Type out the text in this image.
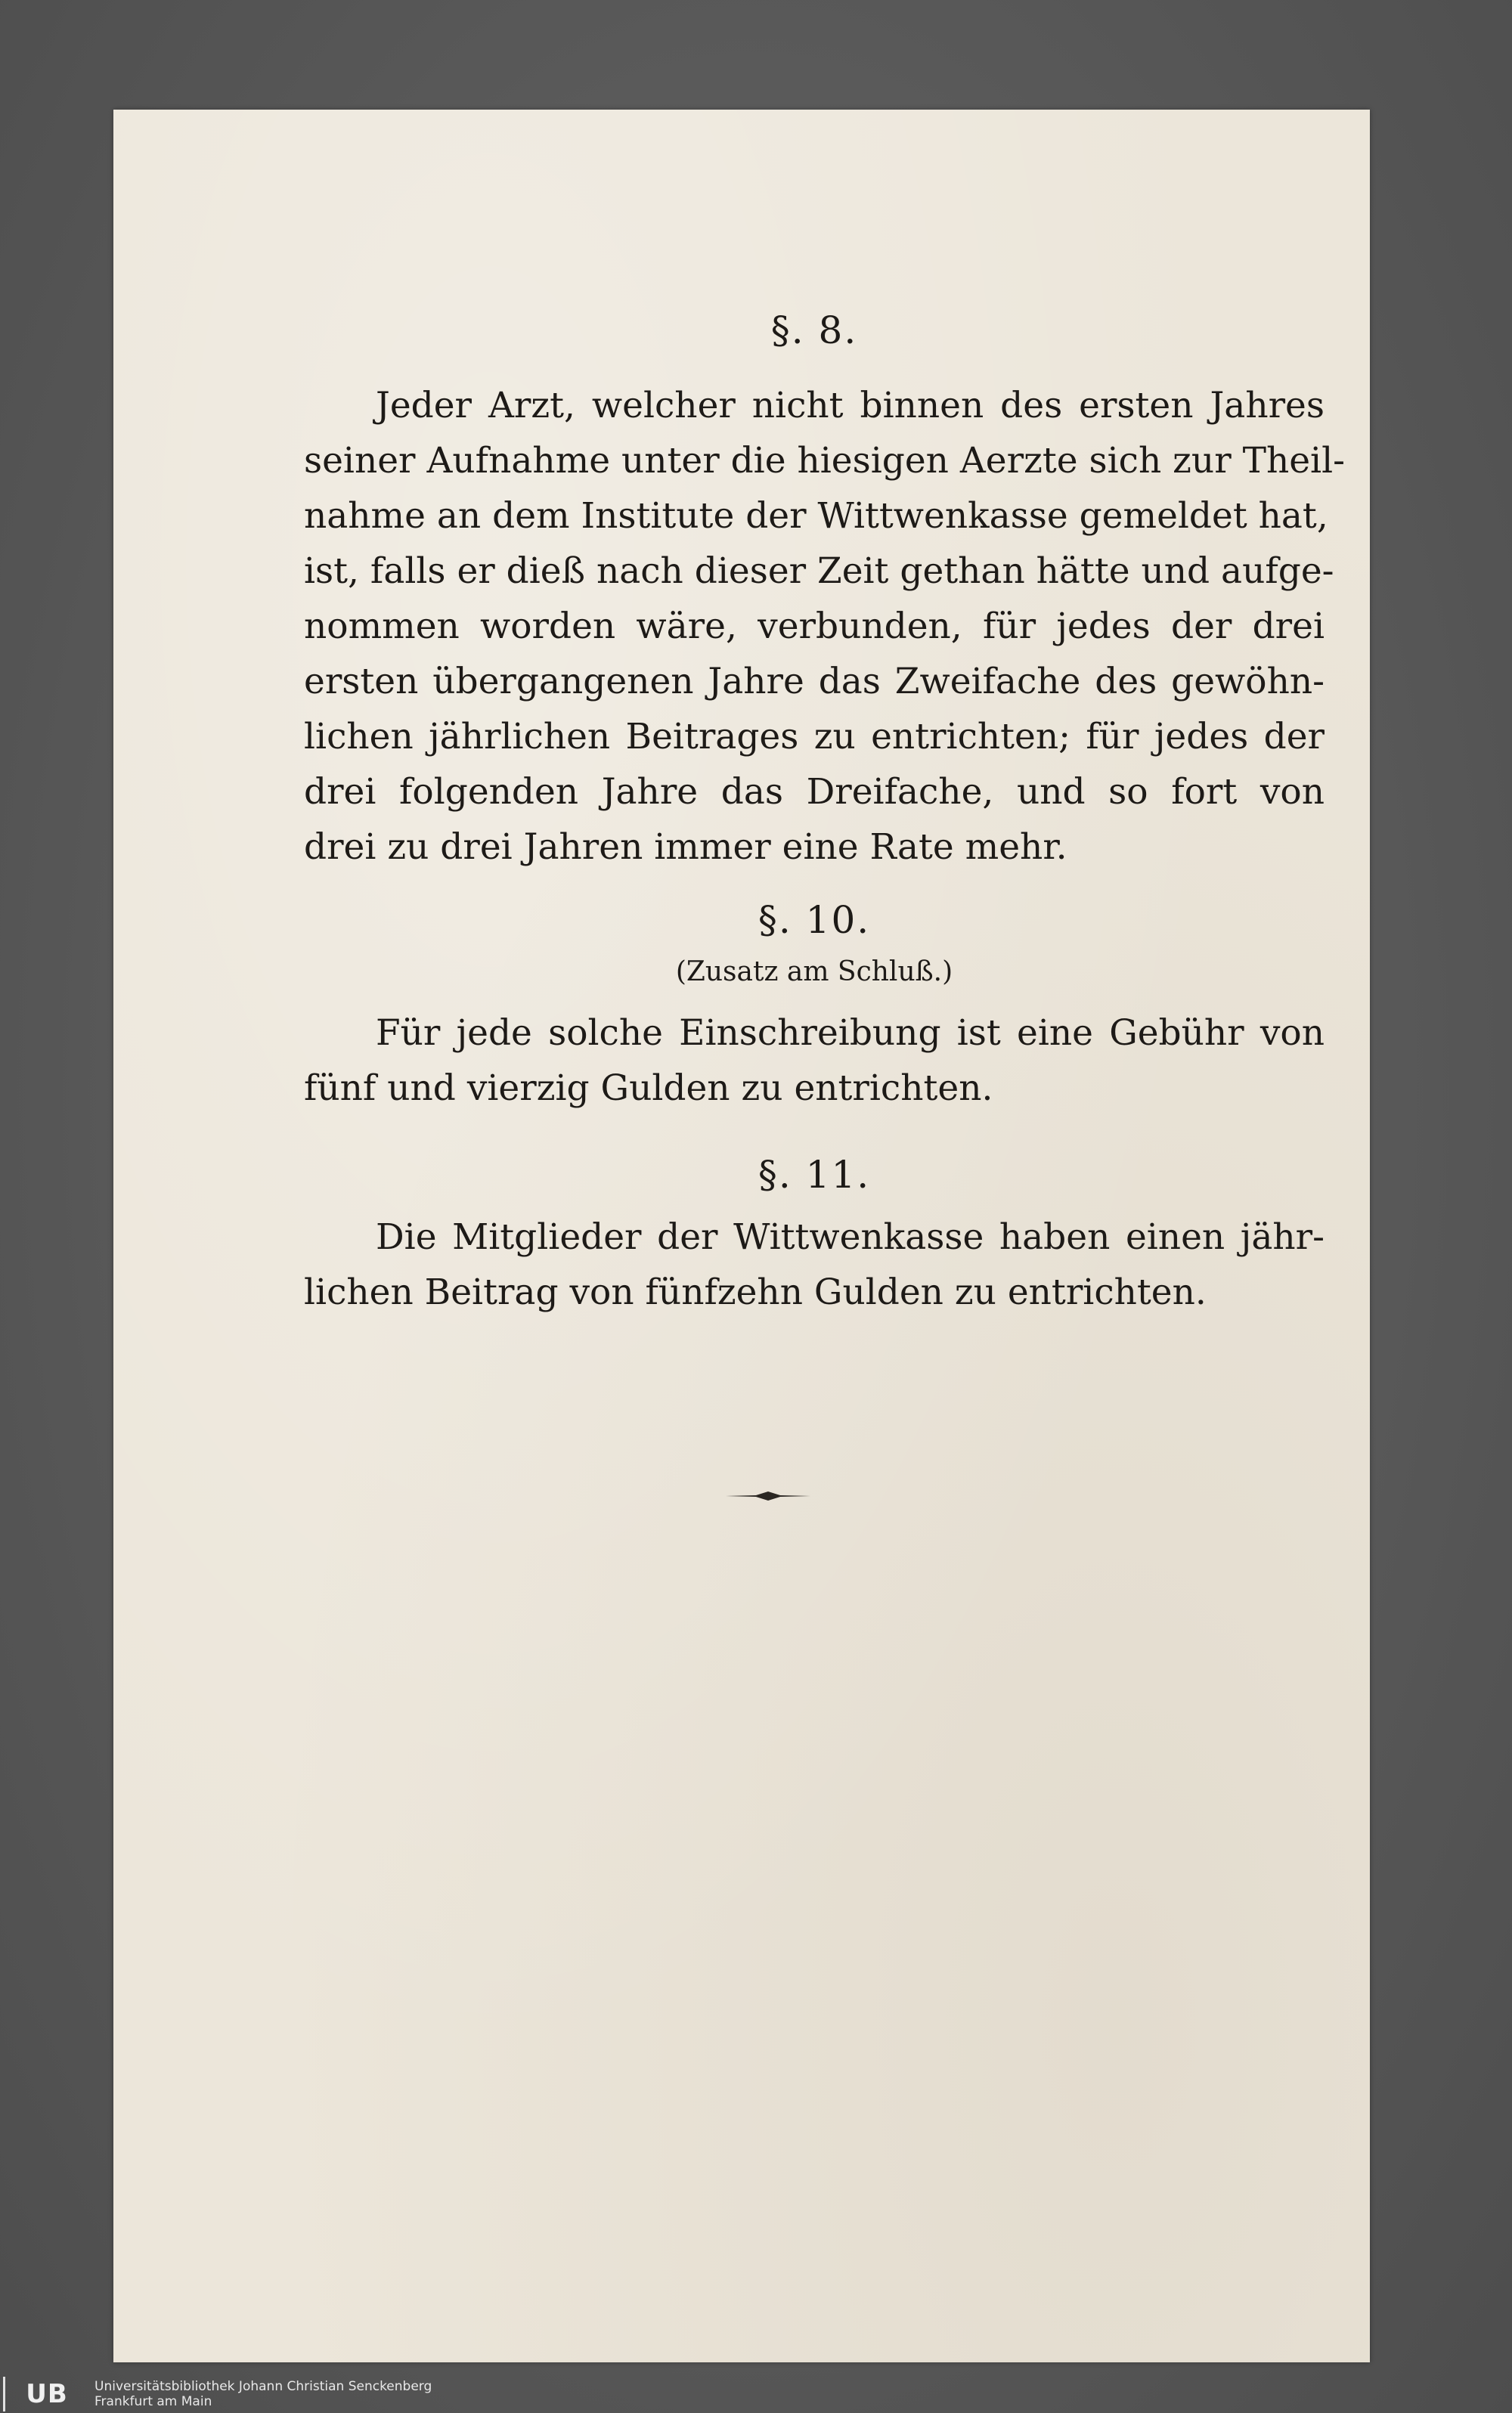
§. 8.

Jeder Arzt, welcher nicht binnen des ersten Jahres
seiner Aufnahme unter die hiesigen Aerzte sich zur Theil-
nahme an dem Institute der Wittwenkasse gemeldet hat,
ist, falls er dieß nach dieser Zeit gethan hätte und aufge-
nommen worden wäre, verbunden, für jedes der drei
ersten übergangenen Jahre das Zweifache des gewöhn-
lichen jährlichen Beitrages zu entrichten; für jedes der
drei folgenden Jahre das Dreifache, und so fort von
drei zu drei Jahren immer eine Rate mehr.

§. 10.

(Zusatz am Schluß.)

Für jede solche Einschreibung ist eine Gebühr von
fünf und vierzig Gulden zu entrichten.

§. 11.

Die Mitglieder der Wittwenkasse haben einen jähr-
lichen Beitrag von fünfzehn Gulden zu entrichten.
UB	Universitätsbibliothek Johann Christian Senckenberg
Frankfurt am Main
